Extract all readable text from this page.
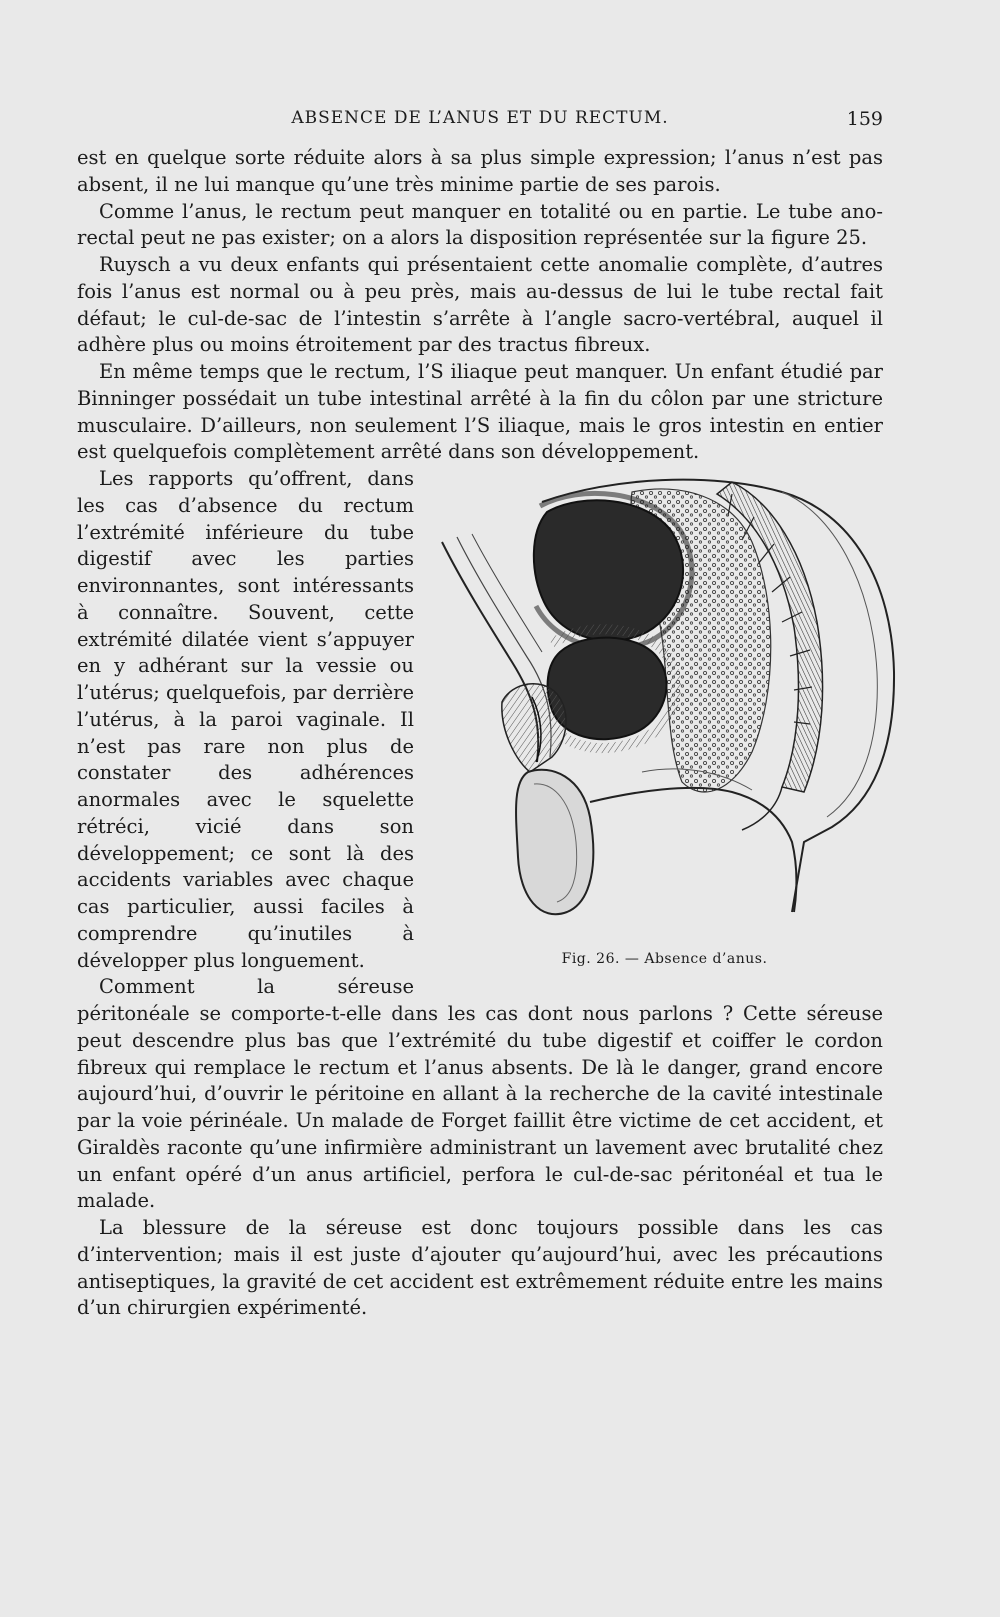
ABSENCE DE L’ANUS ET DU RECTUM.	159

est en quelque sorte réduite alors à sa plus simple expression; l’anus n’est pas absent, il ne lui manque qu’une très minime partie de ses parois.

Comme l’anus, le rectum peut manquer en totalité ou en partie. Le tube ano-rectal peut ne pas exister; on a alors la disposition représentée sur la figure 25.

Ruysch a vu deux enfants qui présentaient cette anomalie complète, d’autres fois l’anus est normal ou à peu près, mais au-dessus de lui le tube rectal fait défaut; le cul-de-sac de l’intestin s’arrête à l’angle sacro-vertébral, auquel il adhère plus ou moins étroitement par des tractus fibreux.

En même temps que le rectum, l’S iliaque peut manquer. Un enfant étudié par Binninger possédait un tube intestinal arrêté à la fin du côlon par une stricture musculaire. D’ailleurs, non seulement l’S iliaque, mais le gros intestin en entier est quelquefois complètement arrêté dans son développement.

Fig. 26. — Absence d’anus.

Les rapports qu’offrent, dans les cas d’absence du rectum l’extrémité inférieure du tube digestif avec les parties environnantes, sont intéressants à connaître. Souvent, cette extrémité dilatée vient s’appuyer en y adhérant sur la vessie ou l’utérus; quelquefois, par derrière l’utérus, à la paroi vaginale. Il n’est pas rare non plus de constater des adhérences anormales avec le squelette rétréci, vicié dans son développement; ce sont là des accidents variables avec chaque cas particulier, aussi faciles à comprendre qu’inutiles à développer plus longuement.

Comment la séreuse péritonéale se comporte-t-elle dans les cas dont nous parlons ? Cette séreuse peut descendre plus bas que l’extrémité du tube digestif et coiffer le cordon fibreux qui remplace le rectum et l’anus absents. De là le danger, grand encore aujourd’hui, d’ouvrir le péritoine en allant à la recherche de la cavité intestinale par la voie périnéale. Un malade de Forget faillit être victime de cet accident, et Giraldès raconte qu’une infirmière administrant un lavement avec brutalité chez un enfant opéré d’un anus artificiel, perfora le cul-de-sac péritonéal et tua le malade.

La blessure de la séreuse est donc toujours possible dans les cas d’intervention; mais il est juste d’ajouter qu’aujourd’hui, avec les précautions antiseptiques, la gravité de cet accident est extrêmement réduite entre les mains d’un chirurgien expérimenté.
